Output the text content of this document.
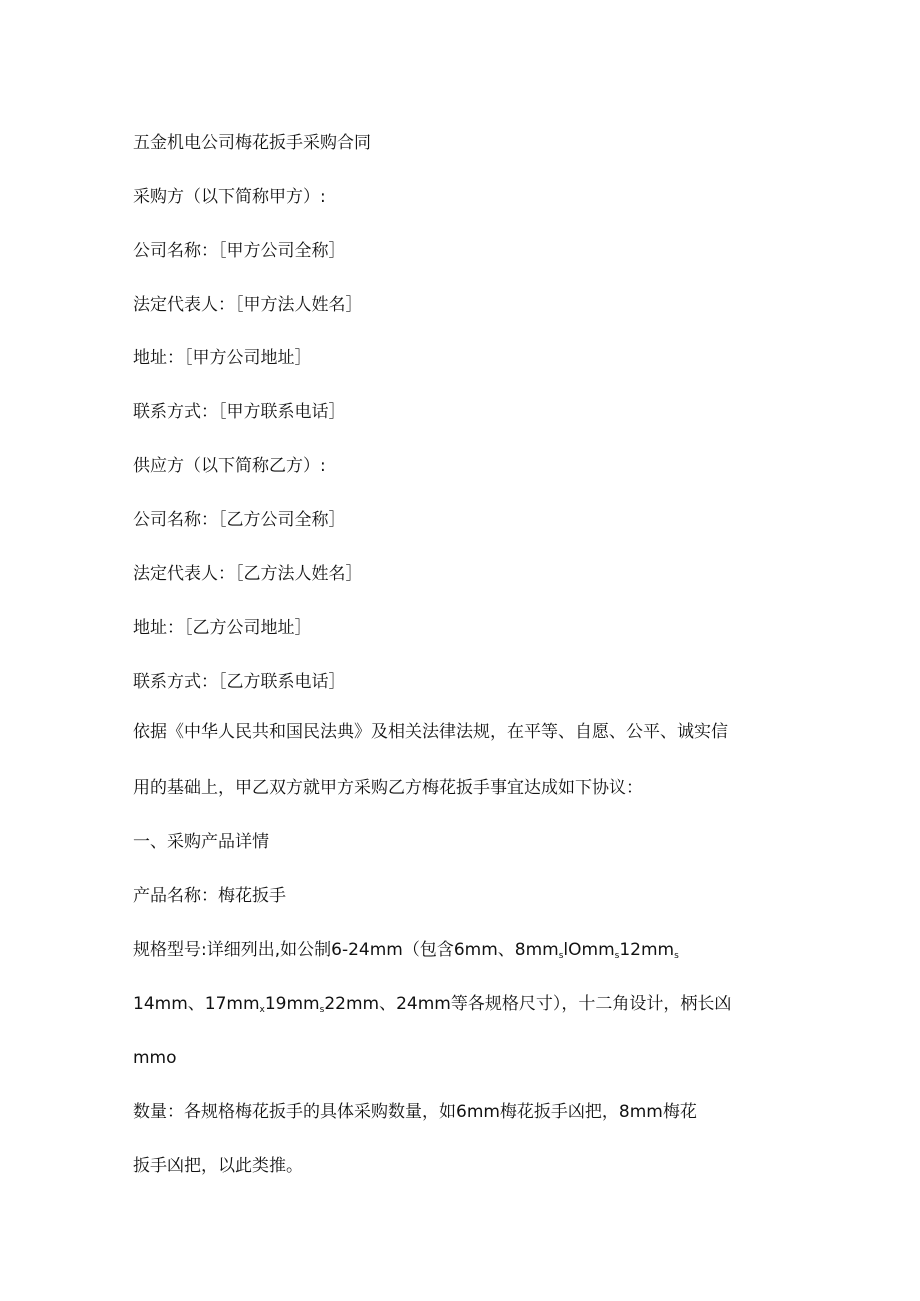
五金机电公司梅花扳手采购合同
采购方（以下简称甲方）:
公司名称：［甲方公司全称］
法定代表人：［甲方法人姓名］
地址：［甲方公司地址］
联系方式：［甲方联系电话］
供应方（以下简称乙方）:
公司名称：［乙方公司全称］
法定代表人：［乙方法人姓名］
地址：［乙方公司地址］
联系方式：［乙方联系电话］
依据《中华人民共和国民法典》及相关法律法规，在平等、自愿、公平、诚实信
用的基础上，甲乙双方就甲方采购乙方梅花扳手事宜达成如下协议：
一、采购产品详情
产品名称：梅花扳手
规格型号:详细列出,如公制6-24mm（包含6mm、$8mm_slOmm_s12mm_s$
14mm、$17mm_x19mm_s22mm$、24mm等各规格尺寸），十二角设计，柄长凶
mmo
数量：各规格梅花扳手的具体采购数量，如6mm梅花扳手凶把，8mm梅花
扳手凶把，以此类推。
